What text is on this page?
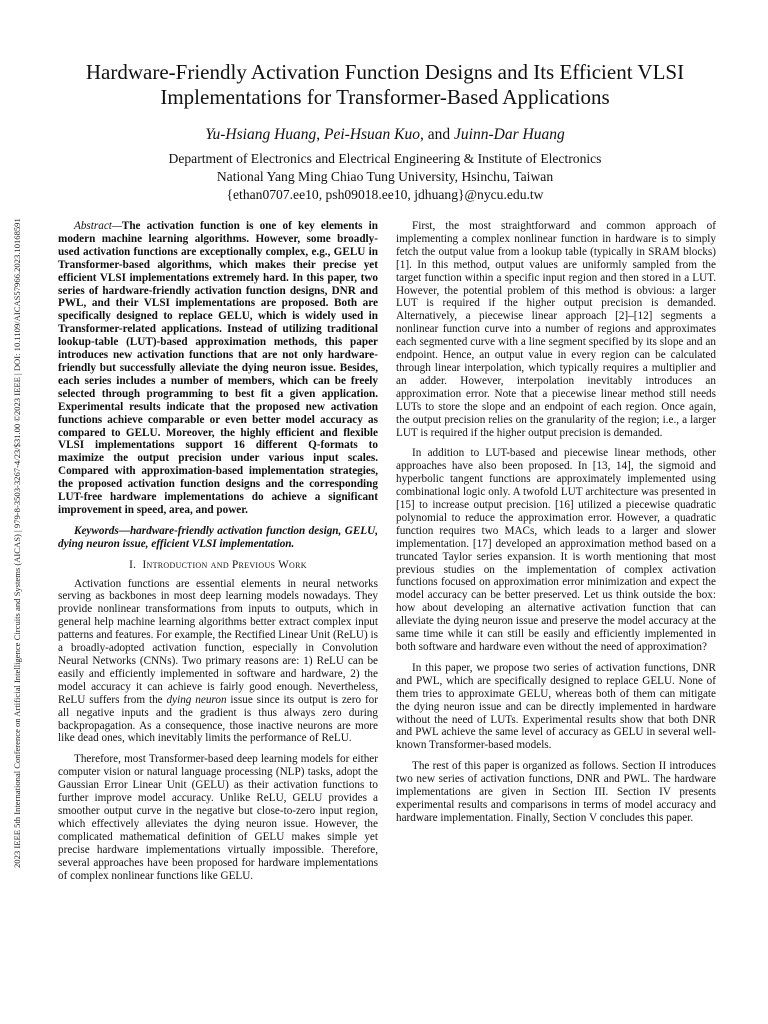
2023 IEEE 5th International Conference on Artificial Intelligence Circuits and Systems (AICAS) | 979-8-3503-3267-4/23/$31.00 ©2023 IEEE | DOI: 10.1109/AICAS57966.2023.10168591
Hardware-Friendly Activation Function Designs and Its Efficient VLSI Implementations for Transformer-Based Applications
Yu-Hsiang Huang, Pei-Hsuan Kuo, and Juinn-Dar Huang
Department of Electronics and Electrical Engineering & Institute of Electronics
National Yang Ming Chiao Tung University, Hsinchu, Taiwan
{ethan0707.ee10, psh09018.ee10, jdhuang}@nycu.edu.tw

Abstract—The activation function is one of key elements in modern machine learning algorithms. However, some broadly-used activation functions are exceptionally complex, e.g., GELU in Transformer-based algorithms, which makes their precise yet efficient VLSI implementations extremely hard. In this paper, two series of hardware-friendly activation function designs, DNR and PWL, and their VLSI implementations are proposed. Both are specifically designed to replace GELU, which is widely used in Transformer-related applications. Instead of utilizing traditional lookup-table (LUT)-based approximation methods, this paper introduces new activation functions that are not only hardware-friendly but successfully alleviate the dying neuron issue. Besides, each series includes a number of members, which can be freely selected through programming to best fit a given application. Experimental results indicate that the proposed new activation functions achieve comparable or even better model accuracy as compared to GELU. Moreover, the highly efficient and flexible VLSI implementations support 16 different Q-formats to maximize the output precision under various input scales. Compared with approximation-based implementation strategies, the proposed activation function designs and the corresponding LUT-free hardware implementations do achieve a significant improvement in speed, area, and power.

Keywords—hardware-friendly activation function design, GELU, dying neuron issue, efficient VLSI implementation.

I. Introduction and Previous Work

Activation functions are essential elements in neural networks serving as backbones in most deep learning models nowadays. They provide nonlinear transformations from inputs to outputs, which in general help machine learning algorithms better extract complex input patterns and features. For example, the Rectified Linear Unit (ReLU) is a broadly-adopted activation function, especially in Convolution Neural Networks (CNNs). Two primary reasons are: 1) ReLU can be easily and efficiently implemented in software and hardware, 2) the model accuracy it can achieve is fairly good enough. Nevertheless, ReLU suffers from the dying neuron issue since its output is zero for all negative inputs and the gradient is thus always zero during backpropagation. As a consequence, those inactive neurons are more like dead ones, which inevitably limits the performance of ReLU.

Therefore, most Transformer-based deep learning models for either computer vision or natural language processing (NLP) tasks, adopt the Gaussian Error Linear Unit (GELU) as their activation functions to further improve model accuracy. Unlike ReLU, GELU provides a smoother output curve in the negative but close-to-zero input region, which effectively alleviates the dying neuron issue. However, the complicated mathematical definition of GELU makes simple yet precise hardware implementations virtually impossible. Therefore, several approaches have been proposed for hardware implementations of complex nonlinear functions like GELU.

First, the most straightforward and common approach of implementing a complex nonlinear function in hardware is to simply fetch the output value from a lookup table (typically in SRAM blocks) [1]. In this method, output values are uniformly sampled from the target function within a specific input region and then stored in a LUT. However, the potential problem of this method is obvious: a larger LUT is required if the higher output precision is demanded. Alternatively, a piecewise linear approach [2]–[12] segments a nonlinear function curve into a number of regions and approximates each segmented curve with a line segment specified by its slope and an endpoint. Hence, an output value in every region can be calculated through linear interpolation, which typically requires a multiplier and an adder. However, interpolation inevitably introduces an approximation error. Note that a piecewise linear method still needs LUTs to store the slope and an endpoint of each region. Once again, the output precision relies on the granularity of the region; i.e., a larger LUT is required if the higher output precision is demanded.

In addition to LUT-based and piecewise linear methods, other approaches have also been proposed. In [13, 14], the sigmoid and hyperbolic tangent functions are approximately implemented using combinational logic only. A twofold LUT architecture was presented in [15] to increase output precision. [16] utilized a piecewise quadratic polynomial to reduce the approximation error. However, a quadratic function requires two MACs, which leads to a larger and slower implementation. [17] developed an approximation method based on a truncated Taylor series expansion. It is worth mentioning that most previous studies on the implementation of complex activation functions focused on approximation error minimization and expect the model accuracy can be better preserved. Let us think outside the box: how about developing an alternative activation function that can alleviate the dying neuron issue and preserve the model accuracy at the same time while it can still be easily and efficiently implemented in both software and hardware even without the need of approximation?

In this paper, we propose two series of activation functions, DNR and PWL, which are specifically designed to replace GELU. None of them tries to approximate GELU, whereas both of them can mitigate the dying neuron issue and can be directly implemented in hardware without the need of LUTs. Experimental results show that both DNR and PWL achieve the same level of accuracy as GELU in several well-known Transformer-based models.

The rest of this paper is organized as follows. Section II introduces two new series of activation functions, DNR and PWL. The hardware implementations are given in Section III. Section IV presents experimental results and comparisons in terms of model accuracy and hardware implementation. Finally, Section V concludes this paper.
